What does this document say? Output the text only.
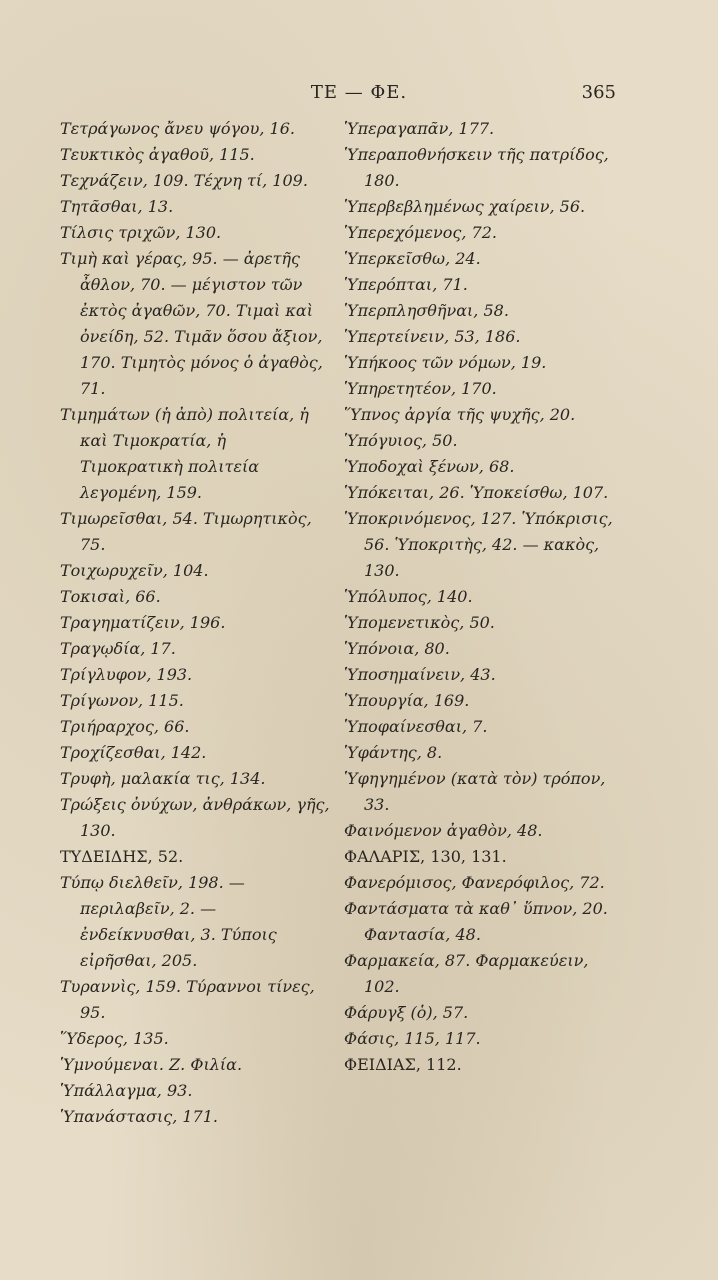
ΤΕ — ΦΕ.	365
Τετράγωνος ἄνευ ψόγου, 16.
Τευκτικὸς ἀγαθοῦ, 115.
Τεχνάζειν, 109. Τέχνη τί, 109.
Τητᾶσθαι, 13.
Τίλσις τριχῶν, 130.
Τιμὴ καὶ γέρας, 95. — ἀρετῆς ἆθλον, 70. — μέγιστον τῶν ἐκτὸς ἀγαθῶν, 70. Τιμαὶ καὶ ὀνείδη, 52. Τιμᾶν ὅσου ἄξιον, 170. Τιμητὸς μόνος ὁ ἀγαθὸς, 71.
Τιμημάτων (ἡ ἀπὸ) πολιτεία, ἡ καὶ Τιμοκρατία, ἡ Τιμοκρατικὴ πολιτεία λεγομένη, 159.
Τιμωρεῖσθαι, 54. Τιμωρητικὸς, 75.
Τοιχωρυχεῖν, 104.
Τοκισαὶ, 66.
Τραγηματίζειν, 196.
Τραγῳδία, 17.
Τρίγλυφον, 193.
Τρίγωνον, 115.
Τριήραρχος, 66.
Τροχίζεσθαι, 142.
Τρυφὴ, μαλακία τις, 134.
Τρώξεις ὀνύχων, ἀνθράκων, γῆς, 130.
ΤΥΔΕΙΔΗΣ, 52.
Τύπῳ διελθεῖν, 198. — περιλαβεῖν, 2. — ἐνδείκνυσθαι, 3. Τύποις εἰρῆσθαι, 205.
Τυραννὶς, 159. Τύραννοι τίνες, 95.
Ὕδερος, 135.
Ὑμνούμεναι. Ζ. Φιλία.
Ὑπάλλαγμα, 93.
Ὑπανάστασις, 171.
Ὑπεραγαπᾶν, 177.
Ὑπεραποθνήσκειν τῆς πατρίδος, 180.
Ὑπερβεβλημένως χαίρειν, 56.
Ὑπερεχόμενος, 72.
Ὑπερκεῖσθω, 24.
Ὑπερόπται, 71.
Ὑπερπλησθῆναι, 58.
Ὑπερτείνειν, 53, 186.
Ὑπήκοος τῶν νόμων, 19.
Ὑπηρετητέον, 170.
Ὕπνος ἀργία τῆς ψυχῆς, 20.
Ὑπόγυιος, 50.
Ὑποδοχαὶ ξένων, 68.
Ὑπόκειται, 26. Ὑποκείσθω, 107.
Ὑποκρινόμενος, 127. Ὑπόκρισις, 56. Ὑποκριτὴς, 42. — κακὸς, 130.
Ὑπόλυπος, 140.
Ὑπομενετικὸς, 50.
Ὑπόνοια, 80.
Ὑποσημαίνειν, 43.
Ὑπουργία, 169.
Ὑποφαίνεσθαι, 7.
Ὑφάντης, 8.
Ὑφηγημένον (κατὰ τὸν) τρόπον, 33.
Φαινόμενον ἀγαθὸν, 48.
ΦΑΛΑΡΙΣ, 130, 131.
Φανερόμισος, Φανερόφιλος, 72.
Φαντάσματα τὰ καθ᾽ ὕπνον, 20. Φαντασία, 48.
Φαρμακεία, 87. Φαρμακεύειν, 102.
Φάρυγξ (ὁ), 57.
Φάσις, 115, 117.
ΦΕΙΔΙΑΣ, 112.
